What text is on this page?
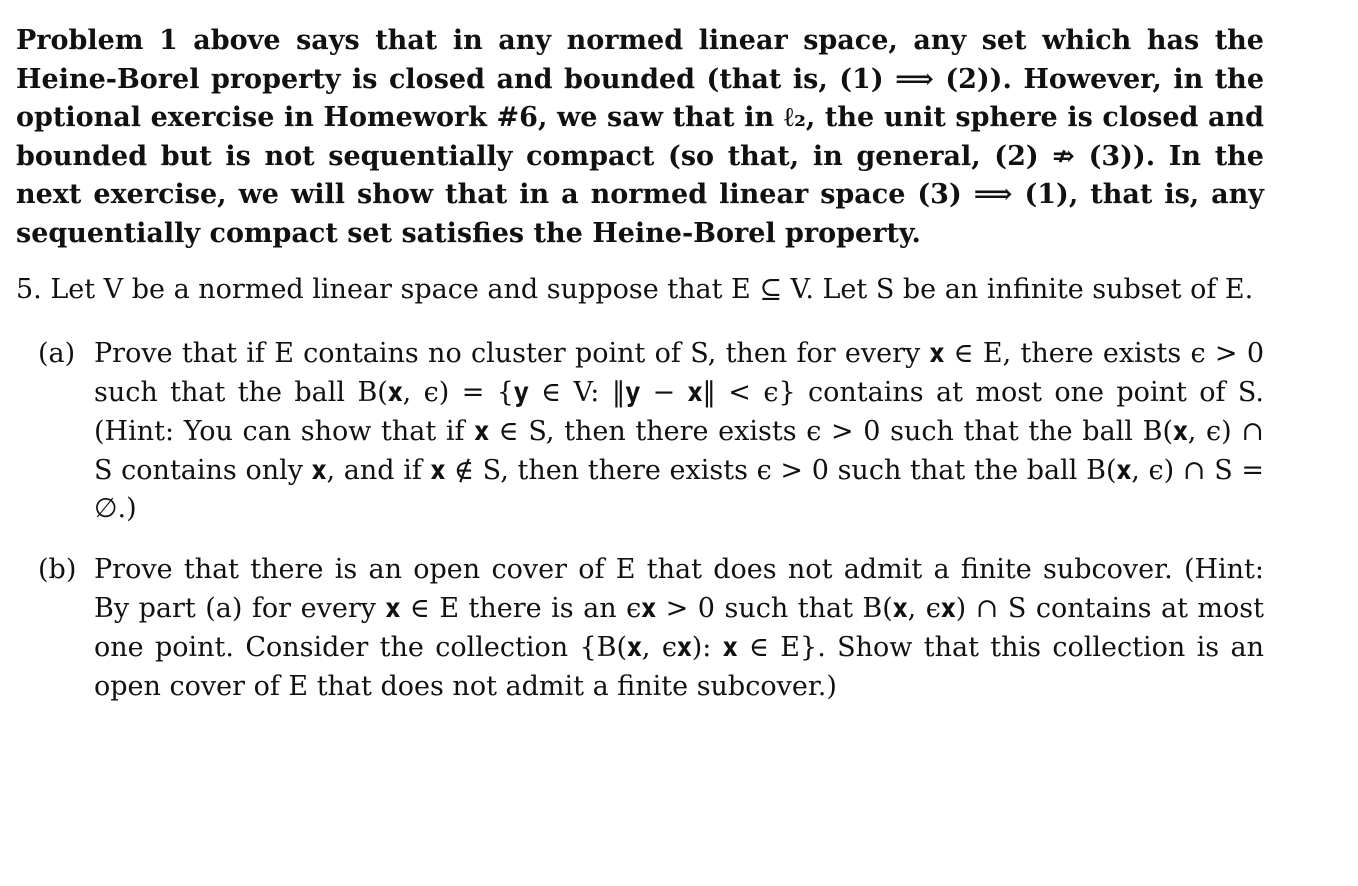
Problem 1 above says that in any normed linear space, any set which has the Heine-Borel property is closed and bounded (that is, (1) ⟹ (2)). However, in the optional exercise in Homework #6, we saw that in ℓ₂, the unit sphere is closed and bounded but is not sequentially compact (so that, in general, (2) ⇏ (3)). In the next exercise, we will show that in a normed linear space (3) ⟹ (1), that is, any sequentially compact set satisfies the Heine-Borel property.

5. Let V be a normed linear space and suppose that E ⊆ V. Let S be an infinite subset of E.

(a) Prove that if E contains no cluster point of S, then for every 𝐱 ∈ E, there exists ϵ > 0 such that the ball B(𝐱, ϵ) = {𝐲 ∈ V: ‖𝐲 − 𝐱‖ < ϵ} contains at most one point of S. (Hint: You can show that if 𝐱 ∈ S, then there exists ϵ > 0 such that the ball B(𝐱, ϵ) ∩ S contains only 𝐱, and if 𝐱 ∉ S, then there exists ϵ > 0 such that the ball B(𝐱, ϵ) ∩ S = ∅.)
(b) Prove that there is an open cover of E that does not admit a finite subcover. (Hint: By part (a) for every 𝐱 ∈ E there is an ϵ𝐱 > 0 such that B(𝐱, ϵ𝐱) ∩ S contains at most one point. Consider the collection {B(𝐱, ϵ𝐱): 𝐱 ∈ E}. Show that this collection is an open cover of E that does not admit a finite subcover.)
